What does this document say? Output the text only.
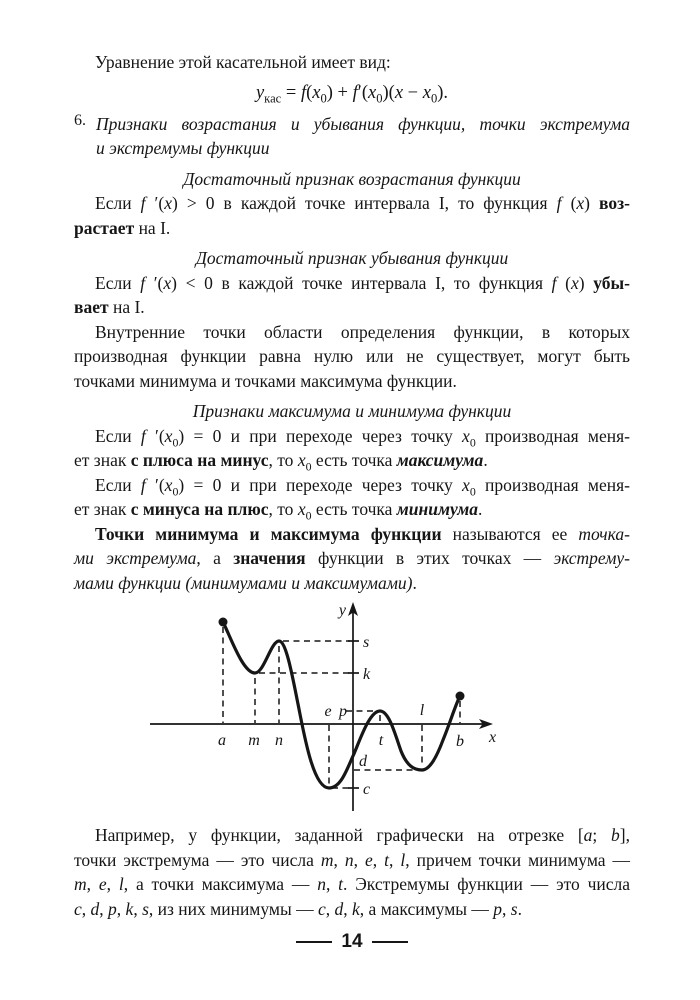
Уравнение этой касательной имеет вид:
$y_{кас} = f(x_0) + f'(x_0)(x - x_0)$.
6. Признаки возрастания и убывания функции, точки экстремума
и экстремумы функции
Достаточный признак возрастания функции
Если f ′(x) > 0 в каждой точке интервала I, то функция f (x) воз-
растает на I.
Достаточный признак убывания функции
Если f ′(x) < 0 в каждой точке интервала I, то функция f (x) убы-
вает на I.
Внутренние точки области определения функции, в которых
производная функции равна нулю или не существует, могут быть
точками минимума и точками максимума функции.
Признаки максимума и минимума функции
Если f $'(x_0) = 0$ и при переходе через точку $x_0$ производная меня-
ет знак с плюса на минус, то $x_0$ есть точка максимума.
Если f $'(x_0) = 0$ и при переходе через точку $x_0$ производная меня-
ет знак с минуса на плюс, то $x_0$ есть точка минимума.
Точки минимума и максимума функции называются ее точка-
ми экстремума, а значения функции в этих точках — экстрему-
мами функции (минимумами и максимумами).
y
x
a m n
e
t
l
b
s
k
p
d
c
Например, у функции, заданной графически на отрезке [a; b],
точки экстремума — это числа m, n, e, t, l, причем точки минимума —
m, e, l, а точки максимума — n, t. Экстремумы функции — это числа
c, d, p, k, s, из них минимумы — c, d, k, а максимумы — p, s.
14
